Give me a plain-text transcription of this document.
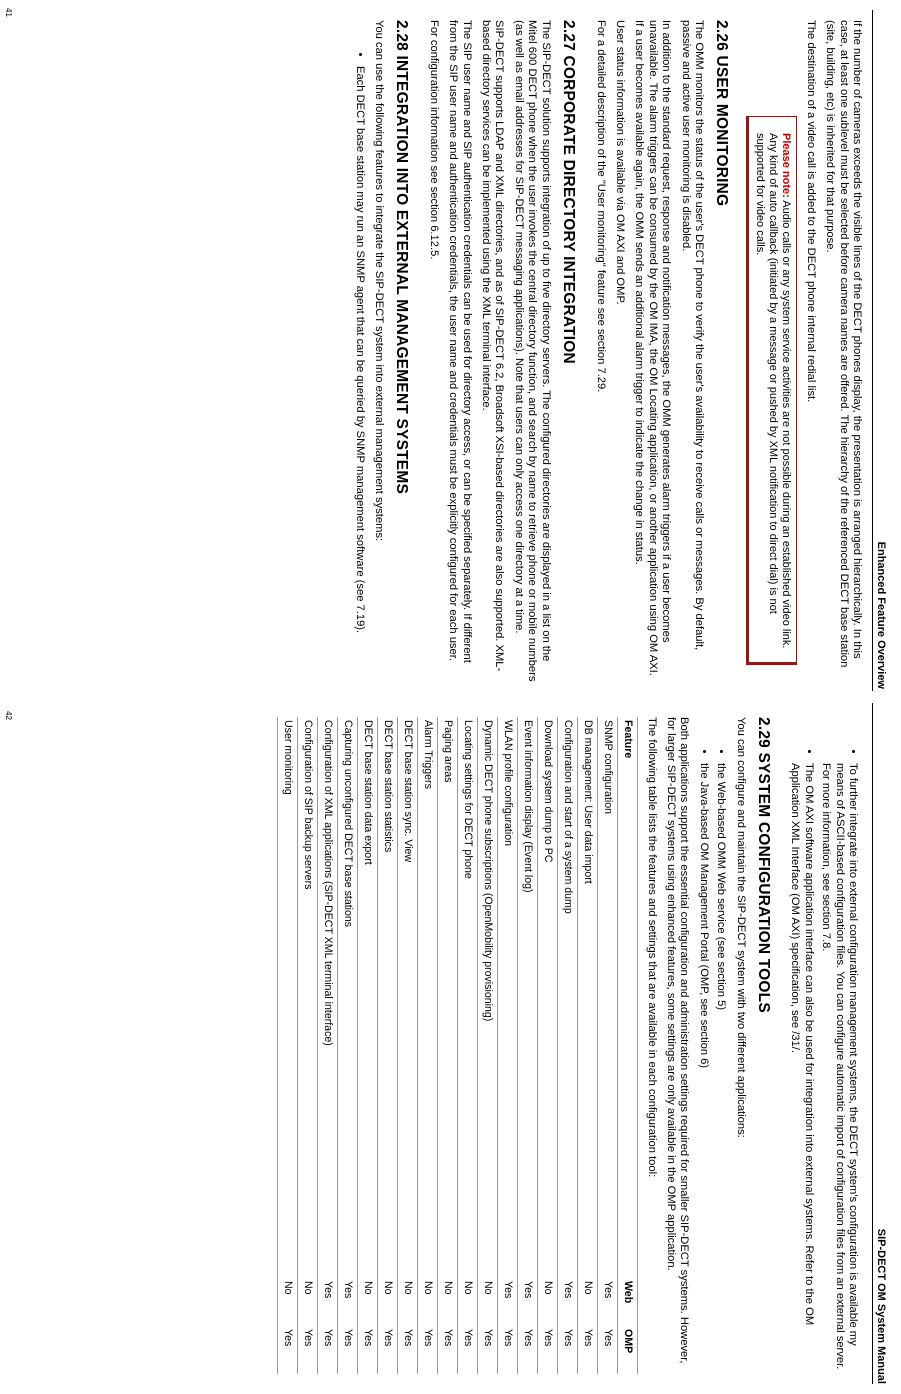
Enhanced Feature Overview

If the number of cameras exceeds the visible lines of the DECT phones display, the presentation is arranged hierarchically. In this case, at least one sublevel must be selected before camera names are offered. The hierarchy of the referenced DECT base station (site, building, etc) is inherited for that purpose.

The destination of a video call is added to the DECT phone internal redial list.

Please note: Audio calls or any system service activities are not possible during an established video link. Any kind of auto callback (initiated by a message or pushed by XML notification to direct dial) is not supported for video calls.
2.26 USER MONITORING

The OMM monitors the status of the user's DECT phone to verify the user's availability to receive calls or messages. By default, passive and active user monitoring is disabled.

In addition to the standard request, response and notification messages, the OMM generates alarm triggers if a user becomes unavailable. The alarm triggers can be consumed by the OM IMA, the OM Locating application, or another application using OM AXI. If a user becomes available again, the OMM sends an additional alarm trigger to indicate the change in status.

User status information is available via OM AXI and OMP.

For a detailed description of the "User monitoring" feature see section 7.29.

2.27 CORPORATE DIRECTORY INTEGRATION

The SIP-DECT solution supports integration of up to five directory servers. The configured directories are displayed in a list on the Mitel 600 DECT phone when the user invokes the central directory function, and search by name to retrieve phone or mobile numbers (as well as email addresses for SIP-DECT messaging applications). Note that users can only access one directory at a time.

SIP-DECT supports LDAP and XML directories, and as of SIP-DECT 6.2, Broadsoft XSI-based directories are also supported. XML-based directory services can be implemented using the XML terminal interface.

The SIP user name and SIP authentication credentials can be used for directory access, or can be specified separately. If different from the SIP user name and authentication credentials, the user name and credentials must be explicitly configured for each user.

For configuration information see section 6.12.5.

2.28 INTEGRATION INTO EXTERNAL MANAGEMENT SYSTEMS

You can use the following features to integrate the SIP-DECT system into external management systems:

• Each DECT base station may run an SNMP agent that can be queried by SNMP management software (see 7.19).
41
SIP-DECT OM System Manual
• To further integrate into external configuration management systems, the DECT system's configuration is available my means of ASCII-based configuration files. You can configure automatic import of configuration files from an external server. For more information, see section 7.8.
• The OM AXI software application interface can also be used for integration into external systems. Refer to the OM Application XML Interface (OM AXI) specification, see /31/.
2.29 SYSTEM CONFIGURATION TOOLS

You can configure and maintain the SIP-DECT system with two different applications:

• the Web-based OMM Web service (see section 5)
• the Java-based OM Management Portal (OMP, see section 6)

Both applications support the essential configuration and administration settings required for smaller SIP-DECT systems. However, for larger SIP-DECT systems using enhanced features, some settings are only available in the OMP application.

The following table lists the features and settings that are available in each configuration tool:

Feature	Web	OMP
SNMP configuration	Yes	Yes
DB management: User data import	No	Yes
Configuration and start of a system dump	Yes	Yes
Download system dump to PC	No	Yes
Event information display (Event log)	Yes	Yes
WLAN profile configuration	Yes	Yes
Dynamic DECT phone subscriptions (OpenMobility provisioning)	No	Yes
Locating settings for DECT phone	No	Yes
Paging areas	No	Yes
Alarm Triggers	No	Yes
DECT base station sync. View	No	Yes
DECT base station statistics	No	Yes
DECT base station data export	No	Yes
Capturing unconfigured DECT base stations	Yes	Yes
Configuration of XML applications (SIP-DECT XML terminal interface)	Yes	Yes
Configuration of SIP backup servers	No	Yes
User monitoring	No	Yes
42
